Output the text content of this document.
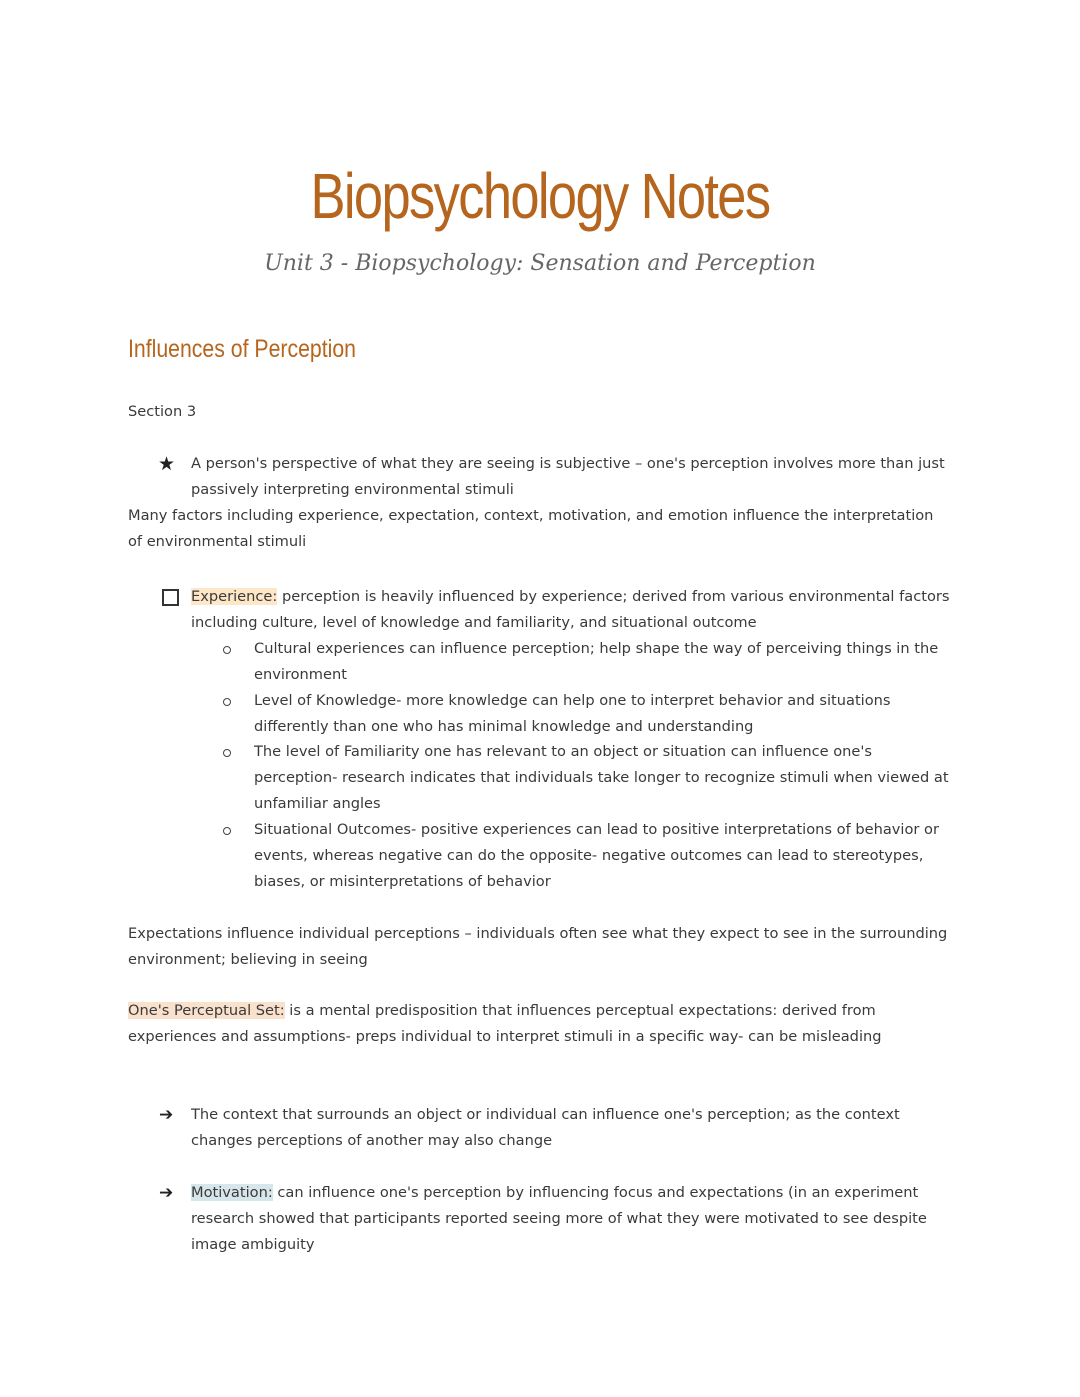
Biopsychology Notes
Unit 3 - Biopsychology: Sensation and Perception
Influences of Perception
Section 3
★ A person's perspective of what they are seeing is subjective – one's perception involves more than just passively interpreting environmental stimuli
Many factors including experience, expectation, context, motivation, and emotion influence the interpretation of environmental stimuli
Experience: perception is heavily influenced by experience; derived from various environmental factors including culture, level of knowledge and familiarity, and situational outcome
Cultural experiences can influence perception; help shape the way of perceiving things in the environment
Level of Knowledge- more knowledge can help one to interpret behavior and situations differently than one who has minimal knowledge and understanding
The level of Familiarity one has relevant to an object or situation can influence one's perception- research indicates that individuals take longer to recognize stimuli when viewed at unfamiliar angles
Situational Outcomes- positive experiences can lead to positive interpretations of behavior or events, whereas negative can do the opposite- negative outcomes can lead to stereotypes, biases, or misinterpretations of behavior
Expectations influence individual perceptions – individuals often see what they expect to see in the surrounding environment; believing in seeing
One's Perceptual Set: is a mental predisposition that influences perceptual expectations: derived from experiences and assumptions- preps individual to interpret stimuli in a specific way- can be misleading
➔ The context that surrounds an object or individual can influence one's perception; as the context changes perceptions of another may also change
➔ Motivation: can influence one's perception by influencing focus and expectations (in an experiment research showed that participants reported seeing more of what they were motivated to see despite image ambiguity
